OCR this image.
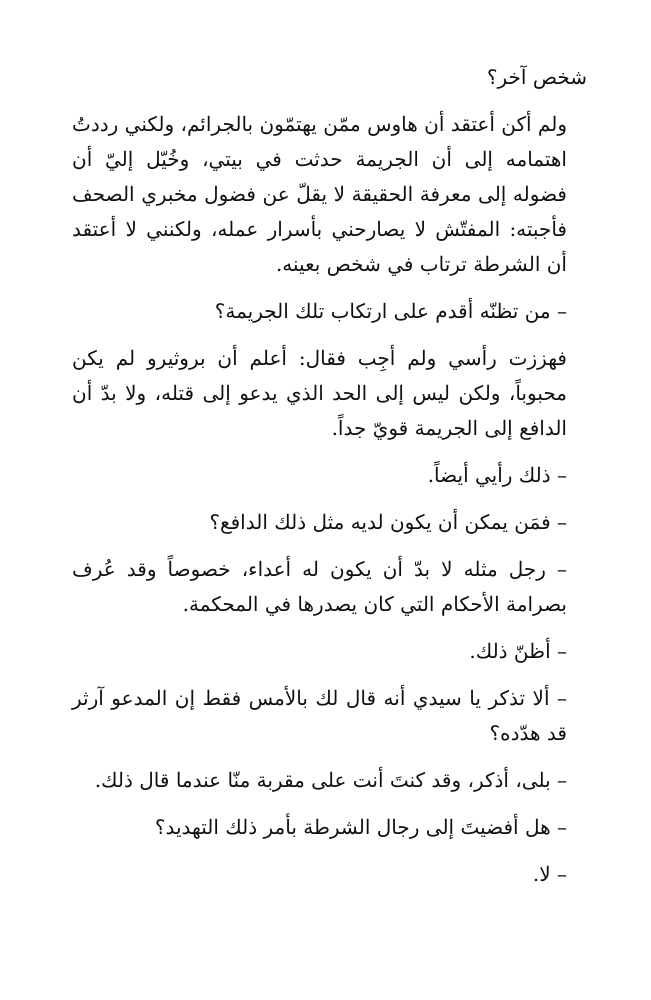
شخص آخر؟

ولم أكن أعتقد أن هاوس ممّن يهتمّون بالجرائم، ولكني رددتُ اهتمامه إلى أن الجريمة حدثت في بيتي، وخُيّل إليّ أن فضوله إلى معرفة الحقيقة لا يقلّ عن فضول مخبري الصحف فأجبته: المفتّش لا يصارحني بأسرار عمله، ولكنني لا أعتقد أن الشرطة ترتاب في شخص بعينه.

– من تظنّه أقدم على ارتكاب تلك الجريمة؟

فهززت رأسي ولم أجِب فقال: أعلم أن بروثيرو لم يكن محبوباً، ولكن ليس إلى الحد الذي يدعو إلى قتله، ولا بدّ أن الدافع إلى الجريمة قويّ جداً.

– ذلك رأيي أيضاً.

– فمَن يمكن أن يكون لديه مثل ذلك الدافع؟

– رجل مثله لا بدّ أن يكون له أعداء، خصوصاً وقد عُرف بصرامة الأحكام التي كان يصدرها في المحكمة.

– أظنّ ذلك.

– ألا تذكر يا سيدي أنه قال لك بالأمس فقط إن المدعو آرثر قد هدّده؟

– بلى، أذكر، وقد كنتَ أنت على مقربة منّا عندما قال ذلك.

– هل أفضيتَ إلى رجال الشرطة بأمر ذلك التهديد؟

– لا.
